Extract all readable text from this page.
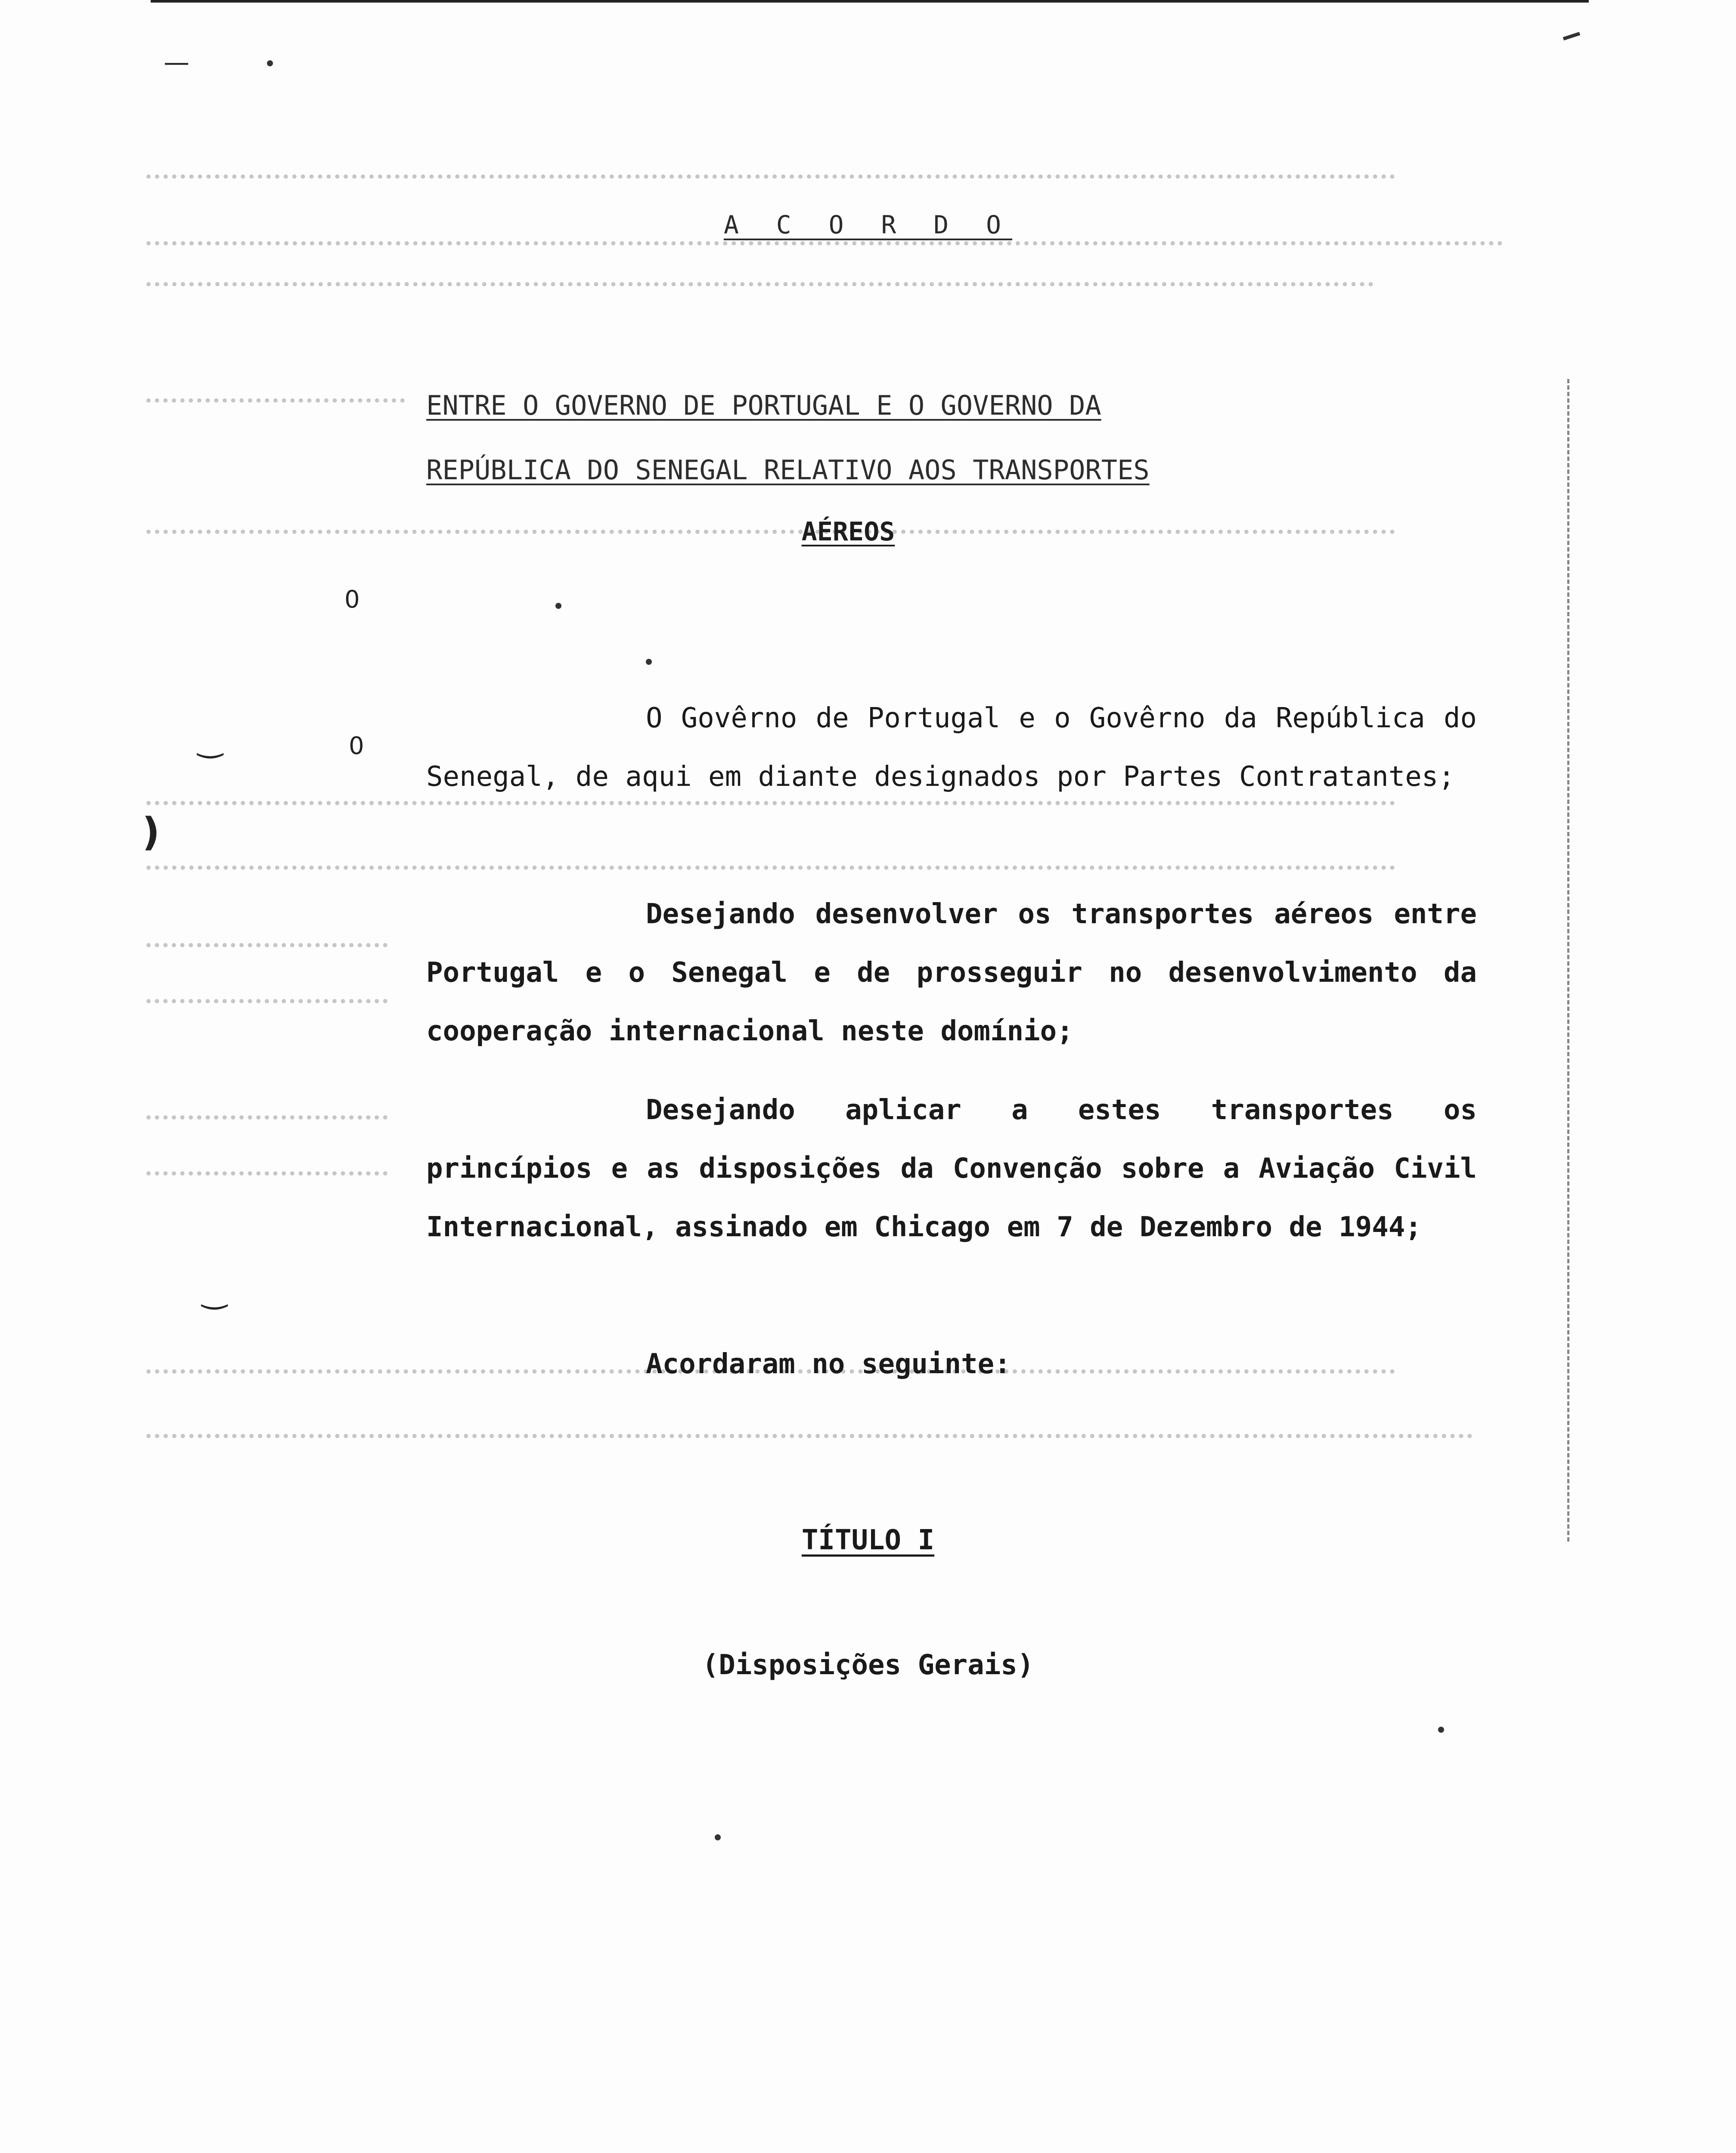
—
)
0
0
‿
‿
A C O R D O
ENTRE O GOVERNO DE PORTUGAL E O GOVERNO DA
REPÚBLICA DO SENEGAL RELATIVO AOS TRANSPORTES
AÉREOS
O Govêrno de Portugal e o Govêrno da República do Senegal, de aqui em diante designados por Partes Contratantes;
Desejando desenvolver os transportes aéreos entre Portugal e o Senegal e de prosseguir no desenvolvimento da cooperação internacional neste domínio;
Desejando aplicar a estes transportes os princípios e as disposições da Convenção sobre a Aviação Civil Internacional, assinado em Chicago em 7 de Dezembro de 1944;
Acordaram no seguinte:
TÍTULO I
(Disposições Gerais)
